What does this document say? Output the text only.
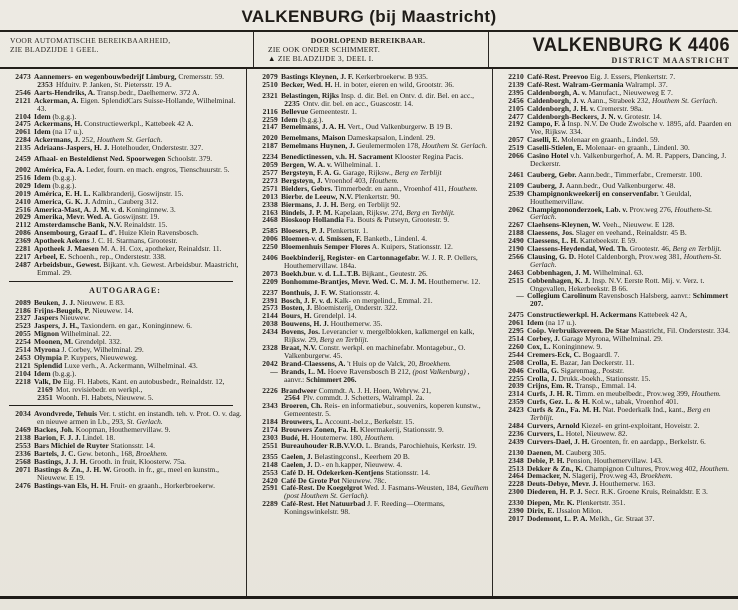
VALKENBURG (bij Maastricht)
VOOR AUTOMATISCHE BEREIKBAARHEID,
ZIE BLADZIJDE 1 GEEL.
DOORLOPEND BEREIKBAAR.
ZIE OOK ONDER SCHIMMERT.
▲ ZIE BLADZIJDE 3, DEEL I.
VALKENBURG K 4406
DISTRICT MAASTRICHT
2473 Aannemers- en wegenbouwbedrijf Limburg, Cremersstr. 59.
2353 Hfduitv. P. Janken, St. Pietersstr. 19 A.
2546 Aarts-Hendriks, A. Transp.bedr., Daelhemerw. 372 A.
2121 Ackerman, A. Eigen. SplendidCars Suisse-Hollande, Wilhelminal. 43.
2104 Idem (b.g.g.).
2475 Ackermans, H. Constructiewerkpl., Kattebeek 42 A.
2061 Idem (na 17 u.).
2284 Ackermans, J. 252, Houthem St. Gerlach.
2135 Adriaans-Jaspers, H. J. Hotelhouder, Onderstestr. 327.
2459 Afhaal- en Besteldienst Ned. Spoorwegen Schoolstr. 379.
2002 América, Fa. A. Leder, fourn. en mach. engros, Tienschuurstr. 5.
2516 Idem (b.g.g.).
2029 Idem (b.g.g.).
2019 América, E. H. L. Kalkbranderij, Goswijnstr. 15.
2410 America, G. K. J. Admin., Cauberg 312.
2516 America-Mast, A. J. M. v. d. Koninginnew. 3.
2029 Amerika, Mevr. Wed. A. Goswijnstr. 19.
2112 Amsterdamsche Bank, N.V. Reinaldstr. 15.
2086 Ansembourg, Graaf L. d'. Huize Klein Ravensbosch.
2369 Apotheek Aekens J. C. H. Starmans, Grootestr.
2281 Apotheek J. Maesen M. A. H. Cox, apotheker, Reinaldstr. 11.
2217 Arbeel, E. Schoenh., rep., Onderstestr. 338.
2487 Arbeidsbur., Gewest. Bijkant. v.h. Gewest. Arbeidsbur. Maastricht, Emmal. 29.
AUTOGARAGE:
2089 Beuken, J. J. Nieuwew. E 83.
2186 Frijns-Beugels, P. Nieuwew. 14.
2327 Jaspers Nieuwew.
2523 Jaspers, J. H., Taxiondern. en gar., Koninginnew. 6.
2055 Mignon Wilhelminal. 22.
2254 Moonen, M. Grendelpl. 332.
2514 Myrona J. Corbey, Wilhelminal. 29.
2453 Olympia P. Kuypers, Nieuweweg.
2121 Splendid Luxe verh., A. Ackermann, Wilhelminal. 43.
2104 Idem (b.g.g.).
2218 Valk, De Eig. Fl. Habets, Kant. en autobusbedr., Reinaldstr. 12,
2169 Mot. revisiebedr. en werkpl.,
2351 Woonh. Fl. Habets, Nieuwew. 5.
2034 Avondvrede, Tehuis Ver. t. sticht. en instandh. teh. v. Prot. O. v. dag. en nieuwe armen in Lb., 293, St. Gerlach.
2469 Backes, Joh. Koopman, Houthemervillaw. 9.
2138 Barion, F. J. J. Lindel. 18.
2553 Bars Michiel de Ruyter Stationsstr. 14.
2336 Bartels, J. C. Gew. betonh., 168, Broekhem.
2568 Bastings, J. J. H. Grooth. in fruit, Kloosterw. 75a.
2071 Bastings & Zn., J. H. W. Grooth. in fr., gr., meel en kunstm., Nieuwew. E 19.
2476 Bastings-van Els, H. H. Fruit- en graanh., Horkerbroekerw.
2079 Bastings Kleynen, J. F. Kerkerbroekerw. B 935.
2510 Becker, Wed. H. H. in boter, eieren en wild, Grootstr. 36.
2321 Belastingen, Rijks Insp. d. dir. Bel. en Ontv. d. dir. Bel. en acc.,
2235 Ontv. dir. bel. en acc., Guascostr. 14.
2116 Bellevue Gemeentestr. 1.
2259 Idem (b.g.g.).
2147 Bemelmans, J. A. H. Vert., Oud Valkenburgerw. B 19 B.
2020 Bemelmans, Maison Dameskapsalon, Lindenl. 29.
2187 Bemelmans Huynen, J. Geulemermolen 178, Houthem St. Gerlach.
2234 Benedictinessen, v.h. H. Sacrament Klooster Regina Pacis.
2059 Bergen, W. A. v. Wilhelminal. 1.
2577 Bergsteyn, F. A. G. Garage, Rijksw., Berg en Terblijt
2273 Bergsteyn, J. Vroenhof 403, Houthem.
2571 Bielders, Gebrs. Timmerbedr. en aann., Vroenhof 411, Houthem.
2013 Bierbr. de Leeuw, N.V. Plenkertstr. 90.
2338 Biermans, J. J. H. Berg. en Terblijt 92.
2163 Bindels, J. P. M. Kapelaan, Rijksw. 27d, Berg en Terblijt.
2468 Bioskoop Hollandia Fa. Bouts & Putseyn, Grootestr. 9.
2585 Bloesers, P. J. Plenkertstr. 1.
2006 Bloemen-v. d. Smissen, F. Banketb., Lindenl. 4.
2250 Bloemenhuis Semper Flores A. Kuipers, Stationsstr. 12.
2406 Boekbinderij, Register- en Cartonnagefabr. W. J. R. P. Oellers, Houthemervillaw. 184a.
2073 Boekh.bur. v. d. L.L.T.B. Bijkant., Geutestr. 26.
2209 Bonhomme-Brantjes, Mevr. Wed. C. M. J. M. Houthemerw. 12.
2237 Bonthuis, J. F. W. Stationsstr. 4.
2391 Bosch, J. F. v. d. Kalk- en mergelind., Emmal. 21.
2573 Bosten, J. Bloemisterij, Onderstr. 322.
2144 Bours, H. Grendelpl. 14.
2038 Bouwens, H. J. Houthemerw. 35.
2434 Bovens, Jos. Leverancier v. mergelblokken, kalkmergel en kalk, Rijksw. 29, Berg en Terblijt.
2328 Braat, N.V. Constr. werkpl. en machinefabr. Montagebur., O. Valkenburgerw. 45.
2042 Brand-Claessens, A. 't Huis op de Valck, 20, Broekhem.
— Brands, L. M. Hoeve Ravensbosch B 212, (post Valkenburg) , aanvr.: Schimmert 206.
2226 Brandweer Commdt. A. J. H. Hoen, Wehryw. 21,
2564 Plv. commdt. J. Schetters, Walrampl. 2a.
2343 Broeren, Ch. Reis- en informatiebur., souvenirs, koperen kunstw., Gemeentestr. 5.
2184 Brouwers, L. Account.-bel.z., Berkelstr. 15.
2174 Brouwers Zonen, Fa. H. Kleermakerij, Stationsstr. 9.
2303 Budé, H. Houtemerw. 180, Houthem.
2551 Bureauhouder R.B.V.V.O. L. Brands, Parochiehuis, Kerkstr. 19.
2355 Caelen, J. Belastingconsl., Keerhem 20 B.
2148 Caelen, J. D.- en h.kapper, Nieuwew. 4.
2553 Café D. H. Odekerken-Kentjens Stationsstr. 14.
2420 Café De Grote Pot Nieuwew. 78c.
2591 Café-Rest. De Koegelgrot Wed. J. Fasmans-Weusten, 184, Geulhem (post Houthem St. Gerlach).
2289 Café-Rest. Het Natuurbad J. F. Reeding—Otermans, Koningswinkelstr. 98.
2210 Café-Rest. Preevoo Eig. J. Essers, Plenkertstr. 7.
2139 Café-Rest. Walram-Germania Walrampl. 37.
2395 Caldenborgh, A. v. Manufact., Nieuweweg E 7.
2456 Caldenborgh, J. v. Aann., Strabeek 232, Houthem St. Gerlach.
2105 Caldenborgh, J. H. v. Cremerstr. 98a.
2477 Caldenborgh-Beckers, J. N. v. Grotestr. 14.
2192 Campo, F. à Insp. N.V. De Oude Zwolsche v. 1895, afd. Paarden en Vee, Rijksw. 334.
2057 Caselli, E. Molenaar en graanh., Lindel. 59.
2519 Caselli-Stielen, E. Molenaar- en graanh., Lindenl. 30.
2066 Casino Hotel v.h. Valkenburgerhof, A. M. R. Pappers, Dancing, J. Deckerstr.
2461 Cauberg, Gebr. Aann.bedr., Timmerfabr., Cremerstr. 100.
2109 Cauberg, J. Aann.bedr., Oud Valkenburgerw. 48.
2539 Champignonkweekerij en conservenfabr. 't Geuldal, Houthemervillaw.
2062 Champignononderzoek, Lab. v. Prov.weg 276, Houthem-St. Gerlach.
2267 Claehsens-Kleynen, W. Veeh., Nieuwew. E 128.
2188 Claessens, Jos. Slager en veehand., Reinaldstr. 45 B.
2490 Claessens, L. H. Kattebeekstr. E 59.
2190 Claessens-Heydendal, Wed. Th. Grootestr. 46, Berg en Terblijt.
2566 Clausing, G. D. Hotel Caldenborgh, Prov.weg 381, Houthem-St. Gerlach.
2463 Cobbenhagen, J. M. Wilhelminal. 63.
2515 Cobbenhagen, K. J. Insp. N.V. Eerste Rott. Mij. v. Verz. t. Ongevallen, Hekerbeekstr. B 66.
— Collegium Carolinum Ravensbosch Halsberg, aanvr.: Schimmert 207.
2475 Constructiewerkpl. H. Ackermans Kattebeek 42 A,
2061 Idem (na 17 u.).
2295 Coöp. Verbruiksvereen. De Star Maastricht, Fil. Onderstestr. 334.
2514 Corbey, J. Garage Myrona, Wilhelminal. 29.
2260 Cox, L. Koninginnew. 9.
2544 Cremers-Eck, C. Bogaardl. 7.
2508 Crolla, E. Bazar, Jan Deckerstr. 11.
2046 Crolla, G. Sigarenmag., Poststr.
2255 Crolla, J. Drukk.-boekh., Stationsstr. 15.
2039 Crijns, Em. R. Transp., Emmal. 14.
2314 Curfs, J. H. R. Timm. en meubelbedr., Prov.weg 399, Houthem.
2359 Curfs, Gez. L. & H. Kol.w., tabak, Vroenhof 401.
2423 Curfs & Zn., Fa. M. H. Nat. Poederkalk Ind., kant., Berg en Terblijt.
2484 Curvers, Arnold Kiezel- en grint-exploitant, Hoveistr. 2.
2236 Curvers, L. Hotel, Nieuwew. 82.
2439 Curvers-Dael, J. H. Groenten, fr. en aardapp., Berkelstr. 6.
2130 Daenen, M. Cauberg 305.
2348 Debie, P. H. Pension, Houthemervillaw. 143.
2513 Dekker & Zn., K. Champignon Cultures, Prov.weg 402, Houthem.
2464 Demacker, N. Slagerij, Prov.weg 43, Broekhem.
2228 Deuts-Debye, Mevr. J. Houthemerw. 163.
2300 Diederen, H. P. J. Secr. R.K. Groene Kruis, Reinaldstr. E 3.
2330 Diepen, Mr. K. Plenkertstr. 351.
2390 Dirix, E. IJssalon Milon.
2017 Dodemont, L. P. A. Melkh., Gr. Straat 37.
